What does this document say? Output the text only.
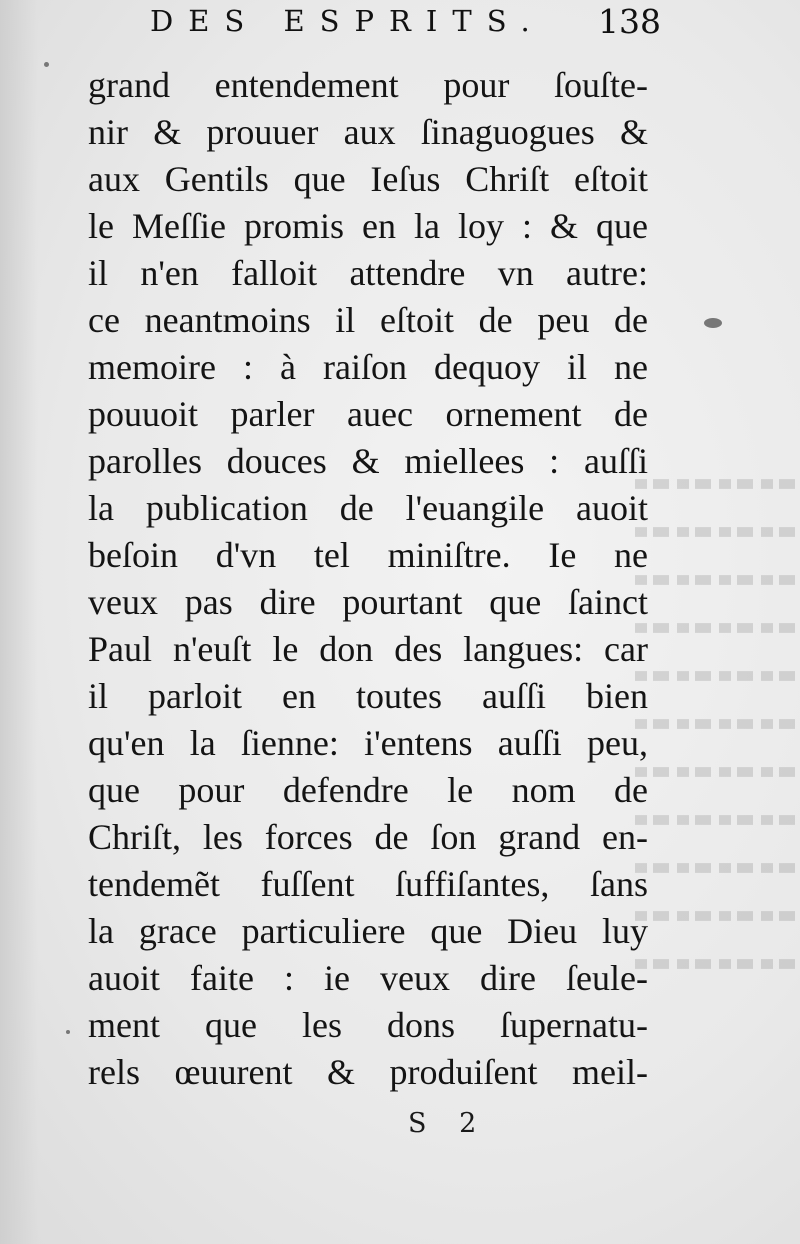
DES ESPRITS.	138
grand entendement pour ſouſte-
nir & prouuer aux ſinaguogues &
aux Gentils que Ieſus Chriſt eſtoit
le Meſſie promis en la loy : & que
il n'en falloit attendre vn autre:
ce neantmoins il eſtoit de peu de
memoire : à raiſon dequoy il ne
pouuoit parler auec ornement de
parolles douces & miellees : auſſi
la publication de l'euangile auoit
beſoin d'vn tel miniſtre. Ie ne
veux pas dire pourtant que ſainct
Paul n'euſt le don des langues: car
il parloit en toutes auſſi bien
qu'en la ſienne: i'entens auſſi peu,
que pour defendre le nom de
Chriſt, les forces de ſon grand en-
tendemẽt fuſſent ſuffiſantes, ſans
la grace particuliere que Dieu luy
auoit faite : ie veux dire ſeule-
ment que les dons ſupernatu-
rels œuurent & produiſent meil-
S 2
